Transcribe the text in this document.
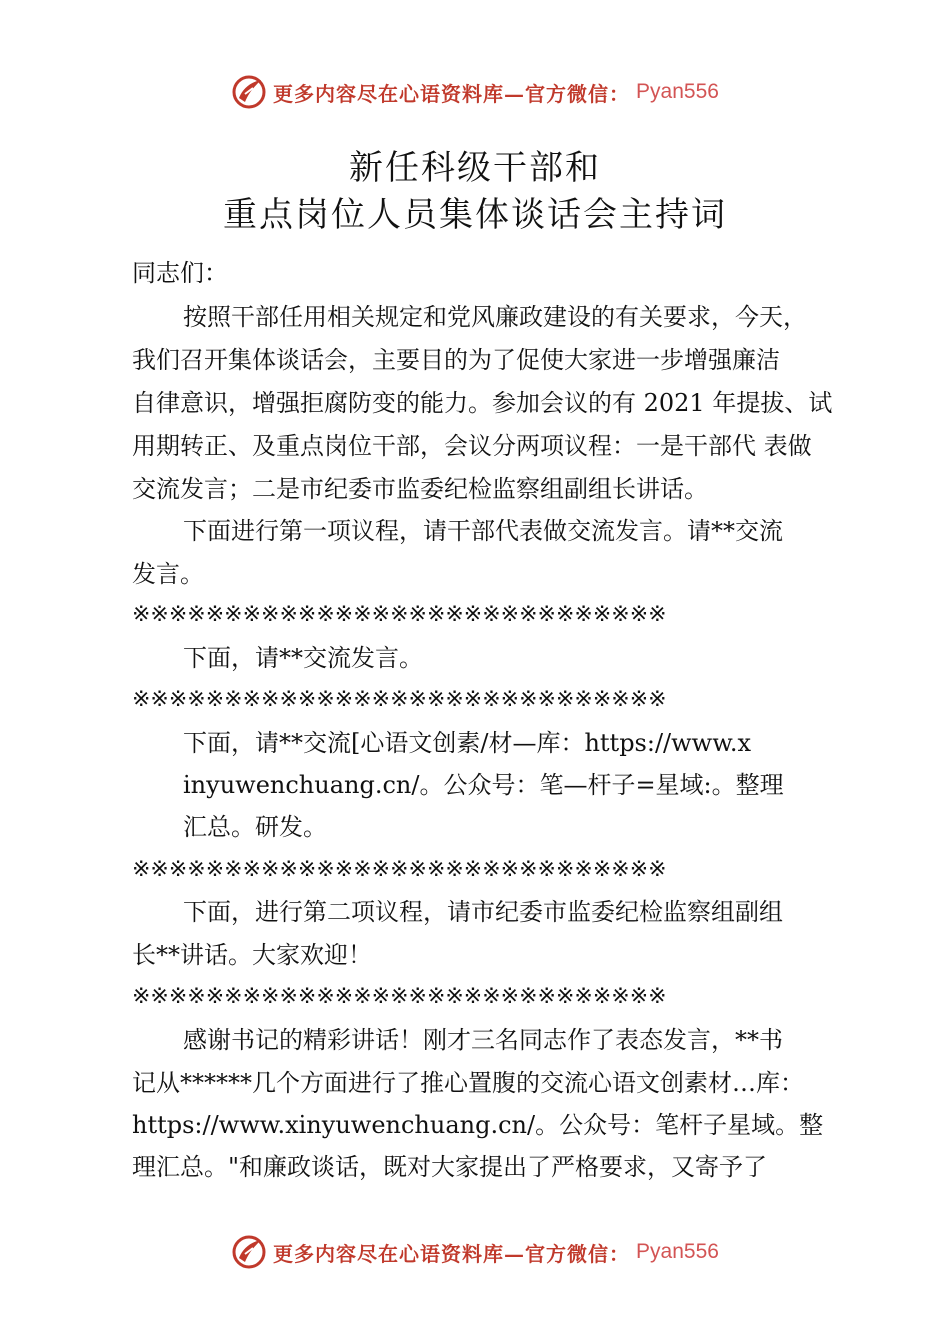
更多内容尽在心语资料库—官方微信： Pyan556
新任科级干部和
重点岗位人员集体谈话会主持词
同志们：
按照干部任用相关规定和党风廉政建设的有关要求，今天，
我们召开集体谈话会，主要目的为了促使大家进一步增强廉洁
自律意识，增强拒腐防变的能力。参加会议的有 2021 年提拔、试
用期转正、及重点岗位干部，会议分两项议程：一是干部代 表做
交流发言；二是市纪委市监委纪检监察组副组长讲话。
下面进行第一项议程，请干部代表做交流发言。请**交流
发言。
※※※※※※※※※※※※※※※※※※※※※※※※※※※※※
下面，请**交流发言。
※※※※※※※※※※※※※※※※※※※※※※※※※※※※※
下面，请**交流[心语文创素/材—库：https://www.x
inyuwenchuang.cn/。公众号：笔—杆子=星域:。整理
汇总。研发。
※※※※※※※※※※※※※※※※※※※※※※※※※※※※※
下面，进行第二项议程，请市纪委市监委纪检监察组副组
长**讲话。大家欢迎！
※※※※※※※※※※※※※※※※※※※※※※※※※※※※※
感谢书记的精彩讲话！刚才三名同志作了表态发言，**书
记从******几个方面进行了推心置腹的交流心语文创素材…库：
https://www.xinyuwenchuang.cn/。公众号：笔杆子星域。整
理汇总。"和廉政谈话，既对大家提出了严格要求，又寄予了
更多内容尽在心语资料库—官方微信： Pyan556
